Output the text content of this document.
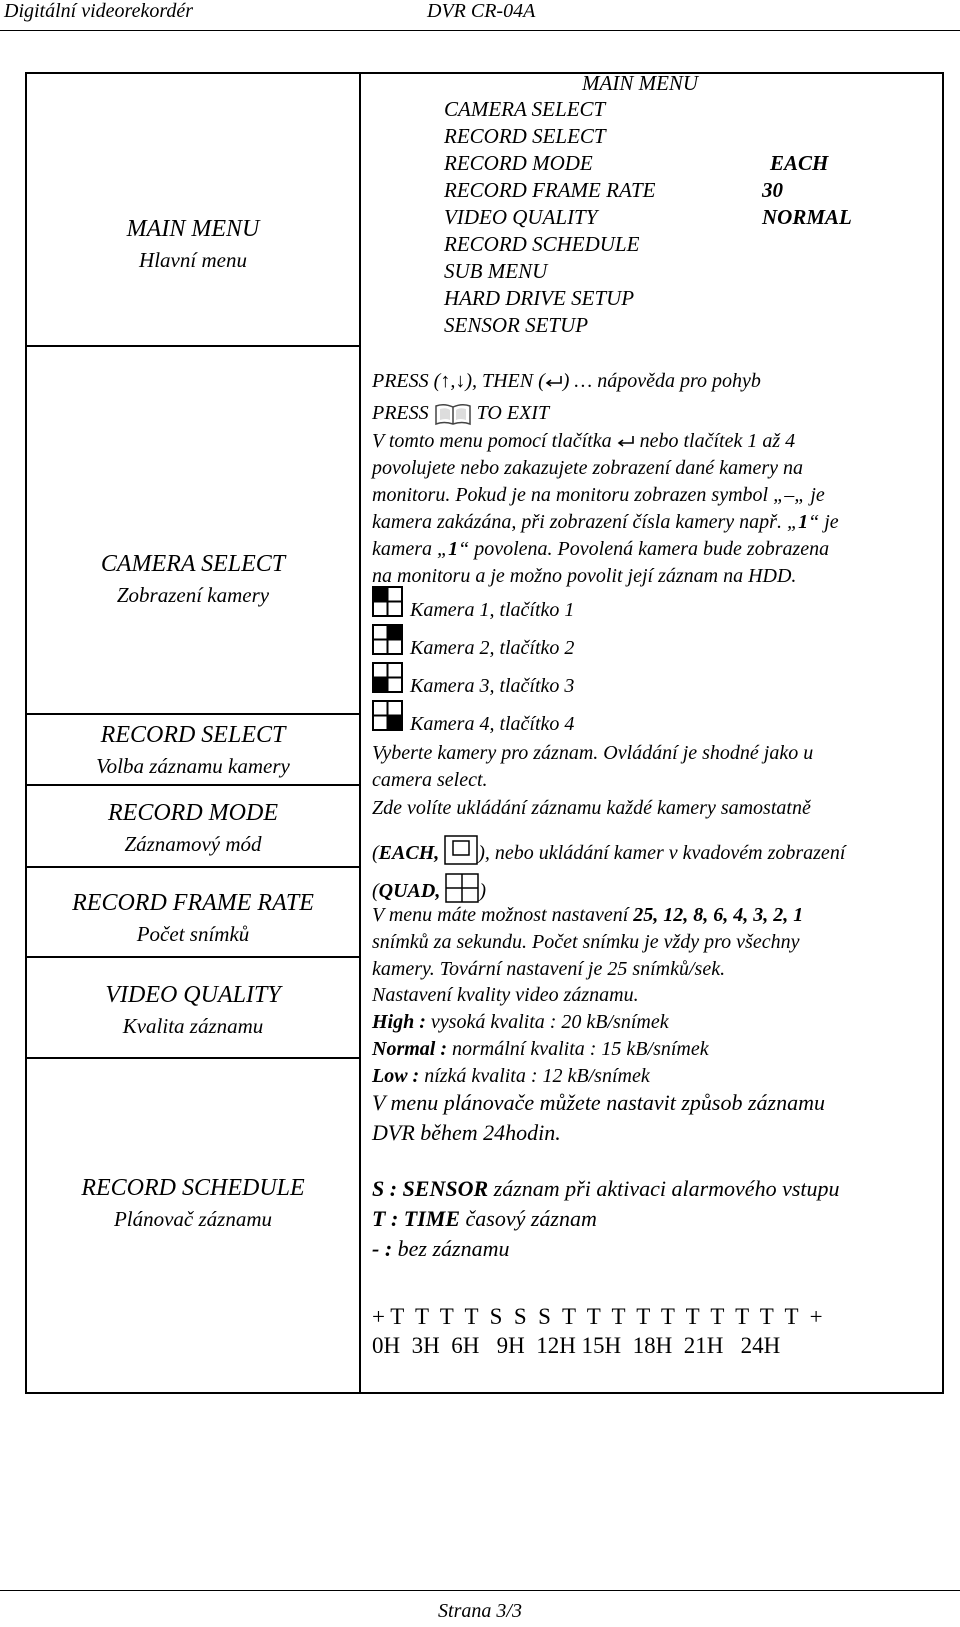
Digitální videorekordér	DVR CR-04A
MAIN MENU
Hlavní menu
CAMERA SELECT
Zobrazení kamery
RECORD SELECT
Volba záznamu kamery
RECORD MODE
Záznamový mód
RECORD FRAME RATE
Počet snímků
VIDEO QUALITY
Kvalita záznamu
RECORD SCHEDULE
Plánovač záznamu
MAIN MENU
CAMERA SELECT
RECORD SELECT
RECORD MODE
RECORD FRAME RATE
VIDEO QUALITY
RECORD SCHEDULE
SUB MENU
HARD DRIVE SETUP
SENSOR SETUP
EACH
30
NORMAL
PRESS (↑,↓), THEN ( ) … nápověda pro pohyb
PRESS TO EXIT
V tomto menu pomocí tlačítka nebo tlačítek 1 až 4
povolujete nebo zakazujete zobrazení dané kamery na
monitoru. Pokud je na monitoru zobrazen symbol „–„ je
kamera zakázána, při zobrazení čísla kamery např. „1“ je
kamera „1“ povolena. Povolená kamera bude zobrazena
na monitoru a je možno povolit její záznam na HDD.
Kamera 1, tlačítko 1
Kamera 2, tlačítko 2
Kamera 3, tlačítko 3
Kamera 4, tlačítko 4
Vyberte kamery pro záznam. Ovládání je shodné jako u
camera select.
Zde volíte ukládání záznamu každé kamery samostatně
(EACH, ), nebo ukládání kamer v kvadovém zobrazení
(QUAD, )
V menu máte možnost nastavení 25, 12, 8, 6, 4, 3, 2, 1
snímků za sekundu. Počet snímku je vždy pro všechny
kamery. Tovární nastavení je 25 snímků/sek.
Nastavení kvality video záznamu.
High : vysoká kvalita : 20 kB/snímek
Normal : normální kvalita : 15 kB/snímek
Low : nízká kvalita : 12 kB/snímek
V menu plánovače můžete nastavit způsob záznamu
DVR během 24hodin.
S : SENSOR záznam při aktivaci alarmového vstupu
T : TIME časový záznam
- : bez záznamu
+ T  T  T  T  S  S  S  T  T  T  T  T  T  T  T  T  T  +
0H  3H  6H   9H  12H 15H  18H  21H   24H
Strana 3/3
